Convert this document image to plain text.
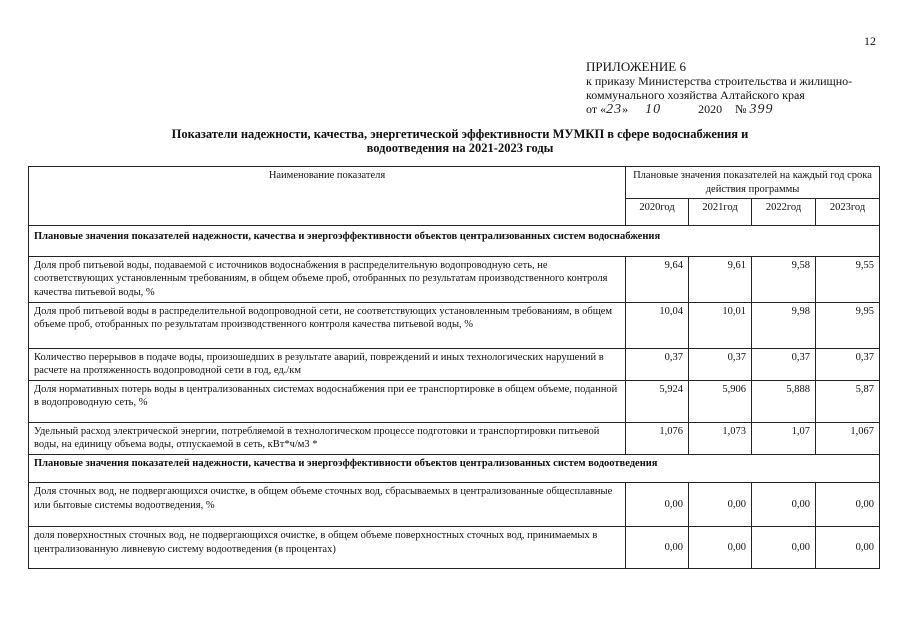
12
ПРИЛОЖЕНИЕ 6
к приказу Министерства строительства и жилищно-
коммунального хозяйства Алтайского края
от «23» 10	2020 № 399
Показатели надежности, качества, энергетической эффективности МУМКП в сфере водоснабжения и
водоотведения на 2021-2023 годы
Наименование показателя	Плановые значения показателей на каждый год срока действия программы			
	2020год	2021год	2022год	2023год
Плановые значения показателей надежности, качества и энергоэффективности объектов централизованных систем водоснабжения				
Доля проб питьевой воды, подаваемой с источников водоснабжения в распределительную водопроводную сеть, не соответствующих установленным требованиям, в общем объеме проб, отобранных по результатам производственного контроля качества питьевой воды, %	9,64	9,61	9,58	9,55
Доля проб питьевой воды в распределительной водопроводной сети, не соответствующих установленным требованиям, в общем объеме проб, отобранных по результатам производственного контроля качества питьевой воды, %	10,04	10,01	9,98	9,95
Количество перерывов в подаче воды, произошедших в результате аварий, повреждений и иных технологических нарушений в расчете на протяженность водопроводной сети в год, ед./км	0,37	0,37	0,37	0,37
Доля нормативных потерь воды в централизованных системах водоснабжения при ее транспортировке в общем объеме, поданной в водопроводную сеть, %	5,924	5,906	5,888	5,87
Удельный расход электрической энергии, потребляемой в технологическом процессе подготовки и транспортировки питьевой воды, на единицу объема воды, отпускаемой в сеть, кВт*ч/м3 *	1,076	1,073	1,07	1,067
Плановые значения показателей надежности, качества и энергоэффективности объектов централизованных систем водоотведения				
Доля сточных вод, не подвергающихся очистке, в общем объеме сточных вод, сбрасываемых в централизованные общесплавные или бытовые системы водоотведения, %	0,00	0,00	0,00	0,00
доля поверхностных сточных вод, не подвергающихся очистке, в общем объеме поверхностных сточных вод, принимаемых в централизованную ливневую систему водоотведения (в процентах)	0,00	0,00	0,00	0,00
